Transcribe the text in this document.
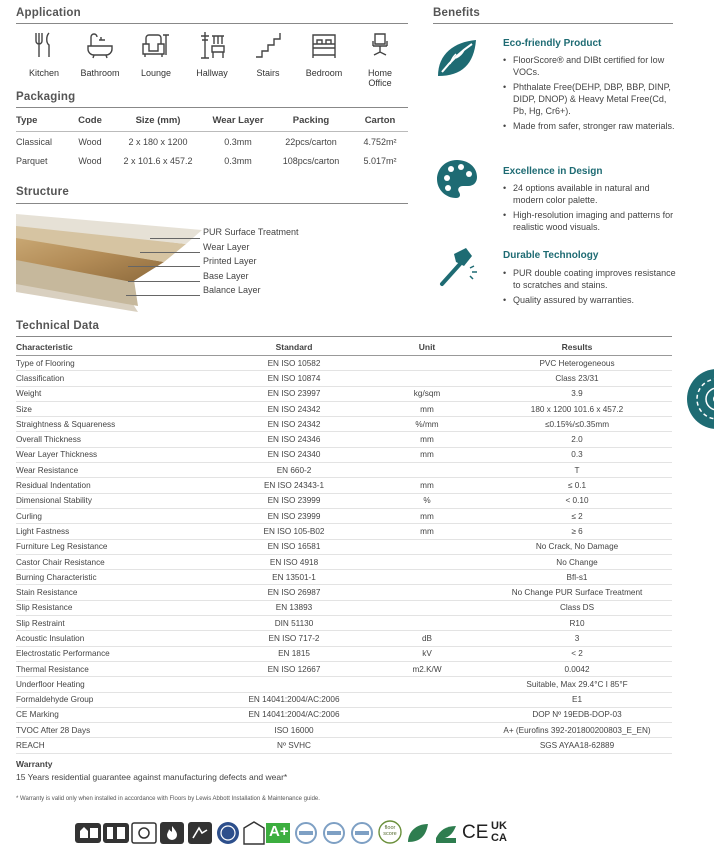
Application
Kitchen	Bathroom	Lounge	Hallway	Stairs	Bedroom	Home Office
Packaging
Type	Code	Size (mm)	Wear Layer	Packing	Carton
Classical	Wood	2 x 180 x 1200	0.3mm	22pcs/carton	4.752m²
Parquet	Wood	2 x 101.6 x 457.2	0.3mm	108pcs/carton	5.017m²
Structure
PUR Surface Treatment
Wear Layer
Printed Layer
Base Layer
Balance Layer
Benefits
Eco-friendly Product
• FloorScore® and DIBt certified for low VOCs.
• Phthalate Free(DEHP, DBP, BBP, DINP, DIDP, DNOP) & Heavy Metal Free(Cd, Pb, Hg, Cr6+).
• Made from safer, stronger raw materials.
Excellence in Design
• 24 options available in natural and modern color palette.
• High-resolution imaging and patterns for realistic wood visuals.
Durable Technology
• PUR double coating improves resistance to scratches and stains.
• Quality assured by warranties.
Technical Data
Characteristic	Standard	Unit	Results
Type of Flooring	EN ISO 10582		PVC Heterogeneous
Classification	EN ISO 10874		Class 23/31
Weight	EN ISO 23997	kg/sqm	3.9
Size	EN ISO 24342	mm	180 x 1200 101.6 x 457.2
Straightness & Squareness	EN ISO 24342	%/mm	≤0.15%/≤0.35mm
Overall Thickness	EN ISO 24346	mm	2.0
Wear Layer Thickness	EN ISO 24340	mm	0.3
Wear Resistance	EN 660-2		T
Residual Indentation	EN ISO 24343-1	mm	≤ 0.1
Dimensional Stability	EN ISO 23999	%	< 0.10
Curling	EN ISO 23999	mm	≤ 2
Light Fastness	EN ISO 105-B02	mm	≥ 6
Furniture Leg Resistance	EN ISO 16581		No Crack, No Damage
Castor Chair Resistance	EN ISO 4918		No Change
Burning Characteristic	EN 13501-1		Bfl-s1
Stain Resistance	EN ISO 26987		No Change PUR Surface Treatment
Slip Resistance	EN 13893		Class DS
Slip Restraint	DIN 51130		R10
Acoustic Insulation	EN ISO 717-2	dB	3
Electrostatic Performance	EN 1815	kV	< 2
Thermal Resistance	EN ISO 12667	m2.K/W	0.0042
Underfloor Heating			Suitable, Max 29.4°C I 85°F
Formaldehyde Group	EN 14041:2004/AC:2006		E1
CE Marking	EN 14041:2004/AC:2006		DOP Nº 19EDB-DOP-03
TVOC After 28 Days	ISO 16000		A+ (Eurofins 392-201800200803_E_EN)
REACH	Nº SVHC		SGS AYAA18-62889
Warranty
15 Years residential guarantee against manufacturing defects and wear*
* Warranty is valid only when installed in accordance with Floors by Lewis Abbott Installation & Maintenance guide.
A+	floor score	CE UK
CA
